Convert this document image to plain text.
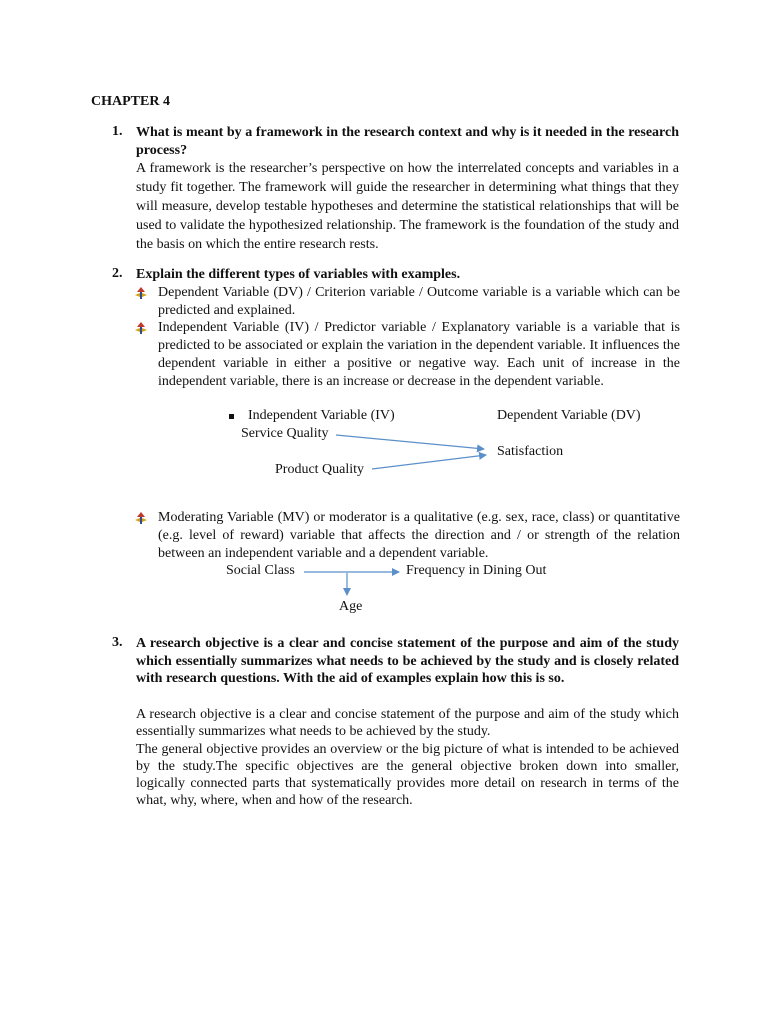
CHAPTER 4
1. What is meant by a framework in the research context and why is it needed in the research process?
A framework is the researcher’s perspective on how the interrelated concepts and variables in a study fit together. The framework will guide the researcher in determining what things that they will measure, develop testable hypotheses and determine the statistical relationships that will be used to validate the hypothesized relationship. The framework is the foundation of the study and the basis on which the entire research rests.
2. Explain the different types of variables with examples.
Dependent Variable (DV) / Criterion variable / Outcome variable is a variable which can be predicted and explained.
Independent Variable (IV) / Predictor variable / Explanatory variable is a variable that is predicted to be associated or explain the variation in the dependent variable. It influences the dependent variable in either a positive or negative way. Each unit of increase in the independent variable, there is an increase or decrease in the dependent variable.
Independent Variable (IV)	Dependent Variable (DV)
Service Quality
Satisfaction
Product Quality
Moderating Variable (MV) or moderator is a qualitative (e.g. sex, race, class) or quantitative (e.g. level of reward) variable that affects the direction and / or strength of the relation between an independent variable and a dependent variable.
Social Class	Frequency in Dining Out
Age
3. A research objective is a clear and concise statement of the purpose and aim of the study which essentially summarizes what needs to be achieved by the study and is closely related with research questions. With the aid of examples explain how this is so.
A research objective is a clear and concise statement of the purpose and aim of the study which essentially summarizes what needs to be achieved by the study.
The general objective provides an overview or the big picture of what is intended to be achieved by the study.The specific objectives are the general objective broken down into smaller, logically connected parts that systematically provides more detail on research in terms of the what, why, where, when and how of the research.
